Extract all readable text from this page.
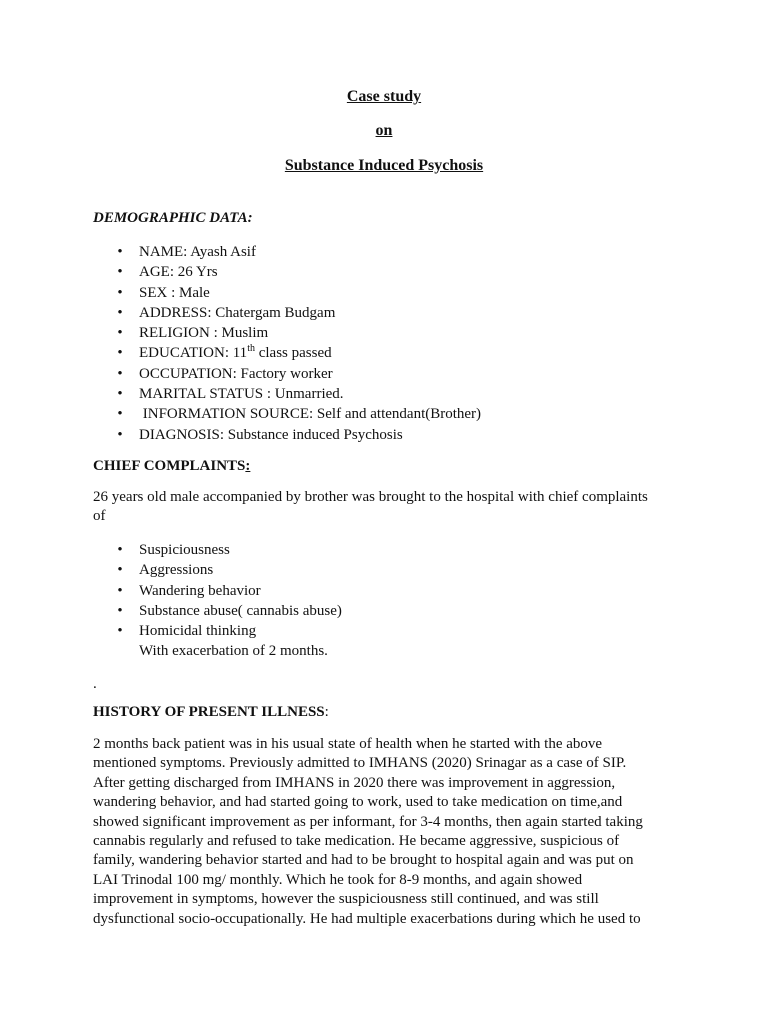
Case study
on
Substance Induced Psychosis
DEMOGRAPHIC DATA:
• NAME: Ayash Asif
• AGE: 26 Yrs
• SEX : Male
• ADDRESS: Chatergam Budgam
• RELIGION : Muslim
• EDUCATION: 11th class passed
• OCCUPATION: Factory worker
• MARITAL STATUS : Unmarried.
• INFORMATION SOURCE: Self and attendant(Brother)
• DIAGNOSIS: Substance induced Psychosis
CHIEF COMPLAINTS:
26 years old male accompanied by brother was brought to the hospital with chief complaints
of
• Suspiciousness
• Aggressions
• Wandering behavior
• Substance abuse( cannabis abuse)
• Homicidal thinking
With exacerbation of 2 months.
.
HISTORY OF PRESENT ILLNESS:
2 months back patient was in his usual state of health when he started with the above
mentioned symptoms. Previously admitted to IMHANS (2020) Srinagar as a case of SIP.
After getting discharged from IMHANS in 2020 there was improvement in aggression,
wandering behavior, and had started going to work, used to take medication on time,and
showed significant improvement as per informant, for 3-4 months, then again started taking
cannabis regularly and refused to take medication. He became aggressive, suspicious of
family, wandering behavior started and had to be brought to hospital again and was put on
LAI Trinodal 100 mg/ monthly. Which he took for 8-9 months, and again showed
improvement in symptoms, however the suspiciousness still continued, and was still
dysfunctional socio-occupationally. He had multiple exacerbations during which he used to
